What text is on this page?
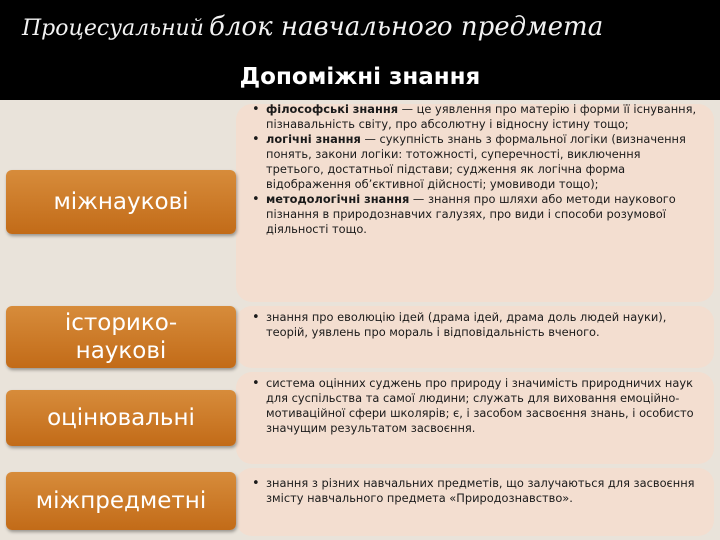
Процесуальний блок навчального предмета
Допоміжні знання
міжнаукові
• філософські знання — це уявлення про матерію і форми її існування, пізнавальність світу, про абсолютну і відносну істину тощо;
• логічні знання — сукупність знань з формальної логіки (визначення понять, закони логіки: тотожності, суперечності, виключення третього, достатньої підстави; судження як логічна форма відображення об’єктивної дійсності; умовиводи тощо);
• методологічні знання — знання про шляхи або методи наукового пізнання в природознавчих галузях, про види і способи розумової діяльності тощо.
історико-
наукові
• знання про еволюцію ідей (драма ідей, драма доль людей науки), теорій, уявлень про мораль і відповідальність вченого.
оцінювальні
• система оцінних суджень про природу і значимість природничих наук для суспільства та самої людини; служать для виховання емоційно-мотиваційної сфери школярів; є, і засобом засвоєння знань, і особисто значущим результатом засвоєння.
міжпредметні
• знання з різних навчальних предметів, що залучаються для засвоєння змісту навчального предмета «Природознавство».
